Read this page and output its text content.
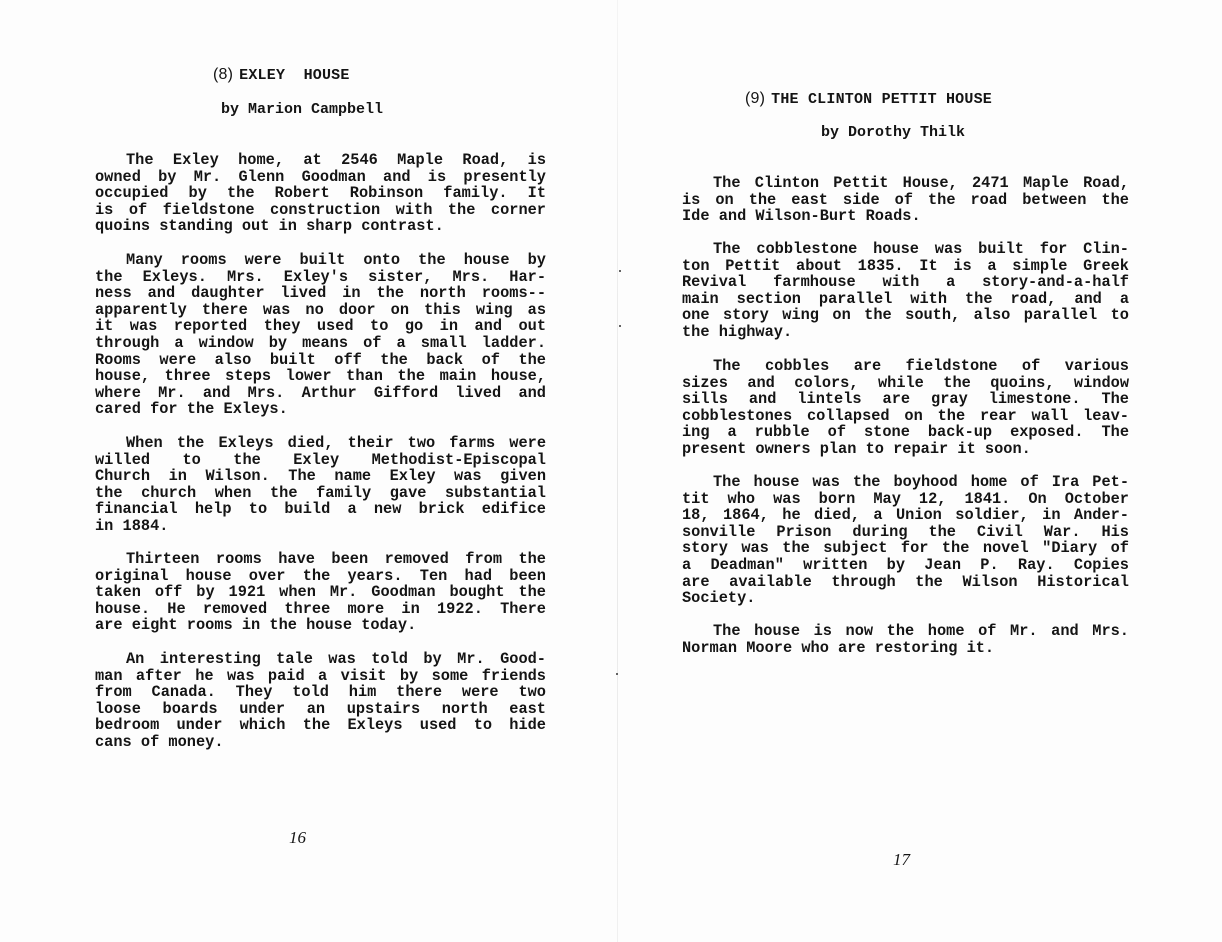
(8) EXLEY  HOUSE
by Marion Campbell
The Exley home, at 2546 Maple Road, is
owned by Mr. Glenn Goodman and is presently
occupied by the Robert Robinson family. It
is of fieldstone construction with the corner
quoins standing out in sharp contrast.
Many rooms were built onto the house by
the Exleys. Mrs. Exley's sister, Mrs. Har-
ness and daughter lived in the north rooms--
apparently there was no door on this wing as
it was reported they used to go in and out
through a window by means of a small ladder.
Rooms were also built off the back of the
house, three steps lower than the main house,
where Mr. and Mrs. Arthur Gifford lived and
cared for the Exleys.
When the Exleys died, their two farms were
willed to the Exley Methodist-Episcopal
Church in Wilson. The name Exley was given
the church when the family gave substantial
financial help to build a new brick edifice
in 1884.
Thirteen rooms have been removed from the
original house over the years. Ten had been
taken off by 1921 when Mr. Goodman bought the
house. He removed three more in 1922. There
are eight rooms in the house today.
An interesting tale was told by Mr. Good-
man after he was paid a visit by some friends
from Canada. They told him there were two
loose boards under an upstairs north east
bedroom under which the Exleys used to hide
cans of money.
16
(9) THE CLINTON PETTIT HOUSE
by Dorothy Thilk
The Clinton Pettit House, 2471 Maple Road,
is on the east side of the road between the
Ide and Wilson-Burt Roads.
The cobblestone house was built for Clin-
ton Pettit about 1835. It is a simple Greek
Revival farmhouse with a story-and-a-half
main section parallel with the road, and a
one story wing on the south, also parallel to
the highway.
The cobbles are fieldstone of various
sizes and colors, while the quoins, window
sills and lintels are gray limestone. The
cobblestones collapsed on the rear wall leav-
ing a rubble of stone back-up exposed. The
present owners plan to repair it soon.
The house was the boyhood home of Ira Pet-
tit who was born May 12, 1841. On October
18, 1864, he died, a Union soldier, in Ander-
sonville Prison during the Civil War. His
story was the subject for the novel "Diary of
a Deadman" written by Jean P. Ray. Copies
are available through the Wilson Historical
Society.
The house is now the home of Mr. and Mrs.
Norman Moore who are restoring it.
17
